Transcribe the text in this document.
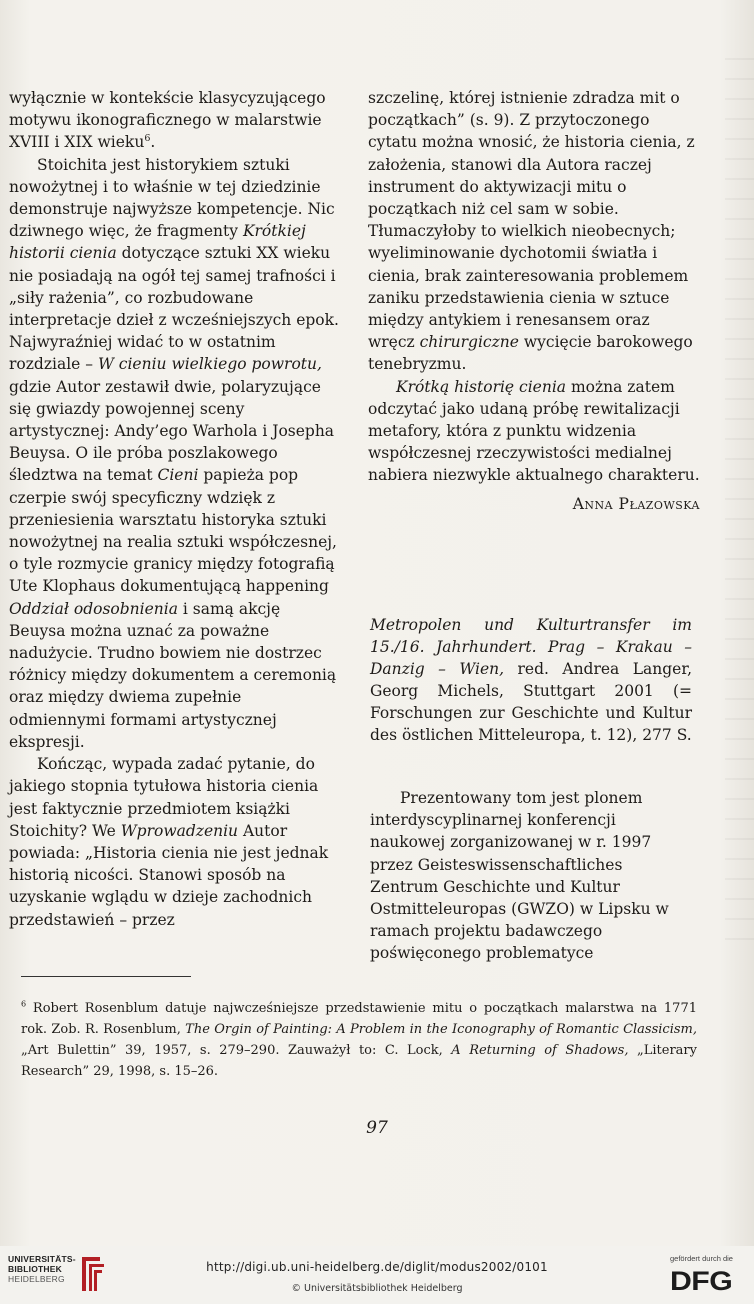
wyłącznie w kontekście klasycyzującego motywu ikonograficznego w malarstwie XVIII i XIX wieku$^6$.

Stoichita jest historykiem sztuki nowożytnej i to właśnie w tej dziedzinie demonstruje najwyższe kompetencje. Nic dziwnego więc, że fragmenty Krótkiej historii cienia dotyczące sztuki XX wieku nie posiadają na ogół tej samej trafności i „siły rażenia”, co rozbudowane interpretacje dzieł z wcześniejszych epok. Najwyraźniej widać to w ostatnim rozdziale – W cieniu wielkiego powrotu, gdzie Autor zestawił dwie, polaryzujące się gwiazdy powojennej sceny artystycznej: Andy’ego Warhola i Josepha Beuysa. O ile próba poszlakowego śledztwa na temat Cieni papieża pop czerpie swój specyficzny wdzięk z przeniesienia warsztatu historyka sztuki nowożytnej na realia sztuki współczesnej, o tyle rozmycie granicy między fotografią Ute Klophaus dokumentującą happening Oddział odosobnienia i samą akcję Beuysa można uznać za poważne nadużycie. Trudno bowiem nie dostrzec różnicy między dokumentem a ceremonią oraz między dwiema zupełnie odmiennymi formami artystycznej ekspresji.

Kończąc, wypada zadać pytanie, do jakiego stopnia tytułowa historia cienia jest faktycznie przedmiotem książki Stoichity? We Wprowadzeniu Autor powiada: „Historia cienia nie jest jednak historią nicości. Stanowi sposób na uzyskanie wglądu w dzieje zachodnich przedstawień – przez

szczelinę, której istnienie zdradza mit o początkach” (s. 9). Z przytoczonego cytatu można wnosić, że historia cienia, z założenia, stanowi dla Autora raczej instrument do aktywizacji mitu o początkach niż cel sam w sobie. Tłumaczyłoby to wielkich nieobecnych; wyeliminowanie dychotomii światła i cienia, brak zainteresowania problemem zaniku przedstawienia cienia w sztuce między antykiem i renesansem oraz wręcz chirurgiczne wycięcie barokowego tenebryzmu.

Krótką historię cienia można zatem odczytać jako udaną próbę rewitalizacji metafory, która z punktu widzenia współczesnej rzeczywistości medialnej nabiera niezwykle aktualnego charakteru.

Anna Płazowska

Metropolen und Kulturtransfer im 15./16. Jahrhundert. Prag – Krakau – Danzig – Wien, red. Andrea Langer, Georg Michels, Stuttgart 2001 (= Forschungen zur Geschichte und Kultur des östlichen Mitteleuropa, t. 12), 277 S.

Prezentowany tom jest plonem interdyscyplinarnej konferencji naukowej zorganizowanej w r. 1997 przez Geisteswissenschaftliches Zentrum Geschichte und Kultur Ostmitteleuropas (GWZO) w Lipsku w ramach projektu badawczego poświęconego problematyce

$^6$ Robert Rosenblum datuje najwcześniejsze przedstawienie mitu o początkach malarstwa na 1771 rok. Zob. R. Rosenblum, The Orgin of Painting: A Problem in the Iconography of Romantic Classicism, „Art Bulettin” 39, 1957, s. 279–290. Zauważył to: C. Lock, A Returning of Shadows, „Literary Research” 29, 1998, s. 15–26.
97
UNIVERSITÄTS-
BIBLIOTHEK
HEIDELBERG
http://digi.ub.uni-heidelberg.de/diglit/modus2002/0101
© Universitätsbibliothek Heidelberg
gefördert durch die
DFG
